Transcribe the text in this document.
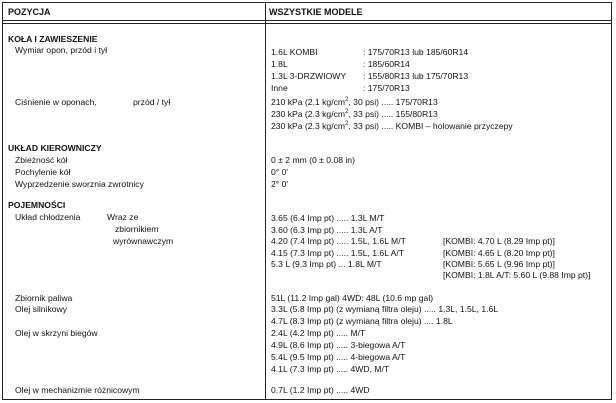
POZYCJA	WSZYSTKIE MODELE
KOŁA I ZAWIESZENIE
Wymiar opon, przód i tył	1.6L KOMBI	: 175/70R13 lub 185/60R14
1.8L	: 185/60R14
1.3L 3-DRZWIOWY : 155/80R13 lub 175/70R13
Inne	: 175/70R13
Ciśnienie w oponach,	przód / tył	210 kPa (2.1 $kg/cm^2$, 30 psi) ..... 175/70R13
230 kPa (2.3 $kg/cm^2$, 33 psi) ..... 155/80R13
230 kPa (2.3 $kg/cm^2$, 33 psi) ..... KOMBI – holowanie przyczepy
UKŁAD KIEROWNICZY
Zbieżność kół	0 ± 2 mm (0 ± 0.08 in)
Pochylenie kół	0° 0'
Wyprzedzenie sworznia zwrotnicy	2° 0'
POJEMNOŚCI
Układ chłodzenia	Wraz ze
zbiornikiem
wyrównawczym
3.65 (6.4 Imp pt) ..... 1.3L M/T
3.60 (6.3 Imp pt) ..... 1.3L A/T
4.20 (7.4 Imp pt) ..... 1.5L, 1.6L M/T	[KOMBI: 4.70 L (8.29 Imp pt)]
4.15 (7.3 Imp pt) ..... 1.5L, 1.6L A/T	[KOMBI: 4.65 L (8.20 Imp pt)]
5.3 L (9.3 Imp pt) ... 1.8L M/T	[KOMBI: 5.65 L (9.96 Imp pt)]
[KOMBI: 1.8L A/T: 5.60 L (9.88 Imp pt)]
Zbiornik paliwa	51L (11.2 Imp gal) 4WD: 48L (10.6 mp gal)
Olej silnikowy	3.3L (5.8 Imp pt) (z wymianą filtra oleju) ..... 1.3L, 1.5L, 1.6L
4.7L (8.3 Imp pt) (z wymianą filtra oleju) .... 1.8L
Olej w skrzyni biegów	2.4L (4.2 Imp pt) ..... M/T
4.9L (8.6 Imp pt) ..... 3-biegowa A/T
5.4L (9.5 Imp pt) ..... 4-biegowa A/T
4.1L (7.3 Imp pt) ..... 4WD, M/T
Olej w mechanizmie różnicowym	0.7L (1.2 Imp pt) ..... 4WD
